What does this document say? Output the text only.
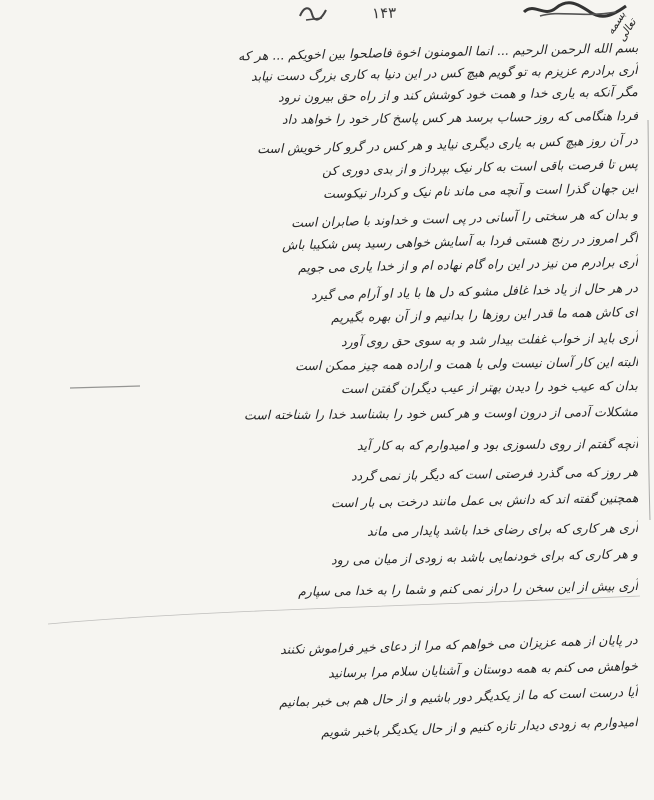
۱۴۳	بسمه تعالی
بسم الله الرحمن الرحیم ... انما المومنون اخوة فاصلحوا بین اخویکم ... هر که
آری برادرم عزیزم به تو گویم هیچ کس در این دنیا به کاری بزرگ دست نیابد
مگر آنکه به یاری خدا و همت خود کوشش کند و از راه حق بیرون نرود
فردا هنگامی که روز حساب برسد هر کس پاسخ کار خود را خواهد داد
در آن روز هیچ کس به یاری دیگری نیاید و هر کس در گرو کار خویش است
پس تا فرصت باقی است به کار نیک بپرداز و از بدی دوری کن
این جهان گذرا است و آنچه می ماند نام نیک و کردار نیکوست
و بدان که هر سختی را آسانی در پی است و خداوند با صابران است
اگر امروز در رنج هستی فردا به آسایش خواهی رسید پس شکیبا باش
آری برادرم من نیز در این راه گام نهاده ام و از خدا یاری می جویم
در هر حال از یاد خدا غافل مشو که دل ها با یاد او آرام می گیرد
ای کاش همه ما قدر این روزها را بدانیم و از آن بهره بگیریم
آری باید از خواب غفلت بیدار شد و به سوی حق روی آورد
البته این کار آسان نیست ولی با همت و اراده همه چیز ممکن است
بدان که عیب خود را دیدن بهتر از عیب دیگران گفتن است
مشکلات آدمی از درون اوست و هر کس خود را بشناسد خدا را شناخته است
آنچه گفتم از روی دلسوزی بود و امیدوارم که به کار آید
هر روز که می گذرد فرصتی است که دیگر باز نمی گردد
همچنین گفته اند که دانش بی عمل مانند درخت بی بار است
آری هر کاری که برای رضای خدا باشد پایدار می ماند
و هر کاری که برای خودنمایی باشد به زودی از میان می رود
آری بیش از این سخن را دراز نمی کنم و شما را به خدا می سپارم
در پایان از همه عزیزان می خواهم که مرا از دعای خیر فراموش نکنند
خواهش می کنم به همه دوستان و آشنایان سلام مرا برسانید
آیا درست است که ما از یکدیگر دور باشیم و از حال هم بی خبر بمانیم
امیدوارم به زودی دیدار تازه کنیم و از حال یکدیگر باخبر شویم
